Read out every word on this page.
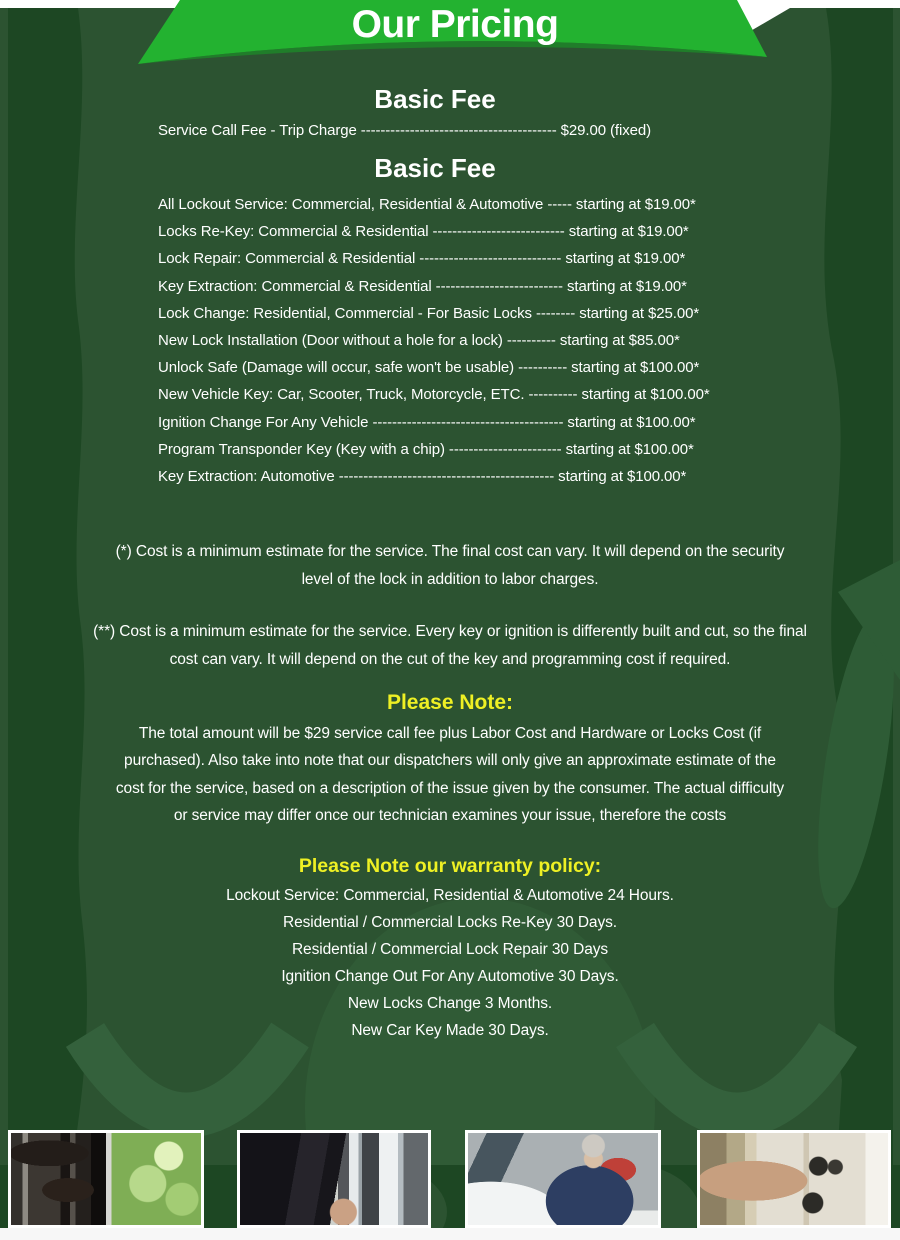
Our Pricing
Basic Fee
Service Call Fee - Trip Charge ---------------------------------------- $29.00 (fixed)
Basic Fee
All Lockout Service: Commercial, Residential & Automotive ----- starting at $19.00*
Locks Re-Key: Commercial & Residential --------------------------- starting at $19.00*
Lock Repair: Commercial & Residential ----------------------------- starting at $19.00*
Key Extraction: Commercial & Residential -------------------------- starting at $19.00*
Lock Change: Residential, Commercial - For Basic Locks -------- starting at $25.00*
New Lock Installation (Door without a hole for a lock) ---------- starting at $85.00*
Unlock Safe (Damage will occur, safe won't be usable) ---------- starting at $100.00*
New Vehicle Key: Car, Scooter, Truck, Motorcycle, ETC. ---------- starting at $100.00*
Ignition Change For Any Vehicle --------------------------------------- starting at $100.00*
Program Transponder Key (Key with a chip) ----------------------- starting at $100.00*
Key Extraction: Automotive -------------------------------------------- starting at $100.00*
(*) Cost is a minimum estimate for the service. The final cost can vary. It will depend on the security level of the lock in addition to labor charges.
(**) Cost is a minimum estimate for the service. Every key or ignition is differently built and cut, so the final cost can vary. It will depend on the cut of the key and programming cost if required.
Please Note:
The total amount will be $29 service call fee plus Labor Cost and Hardware or Locks Cost (if purchased). Also take into note that our dispatchers will only give an approximate estimate of the cost for the service, based on a description of the issue given by the consumer. The actual difficulty or service may differ once our technician examines your issue, therefore the costs
Please Note our warranty policy:
Lockout Service: Commercial, Residential & Automotive 24 Hours.
Residential / Commercial Locks Re-Key 30 Days.
Residential / Commercial Lock Repair 30 Days
Ignition Change Out For Any Automotive 30 Days.
New Locks Change 3 Months.
New Car Key Made 30 Days.
